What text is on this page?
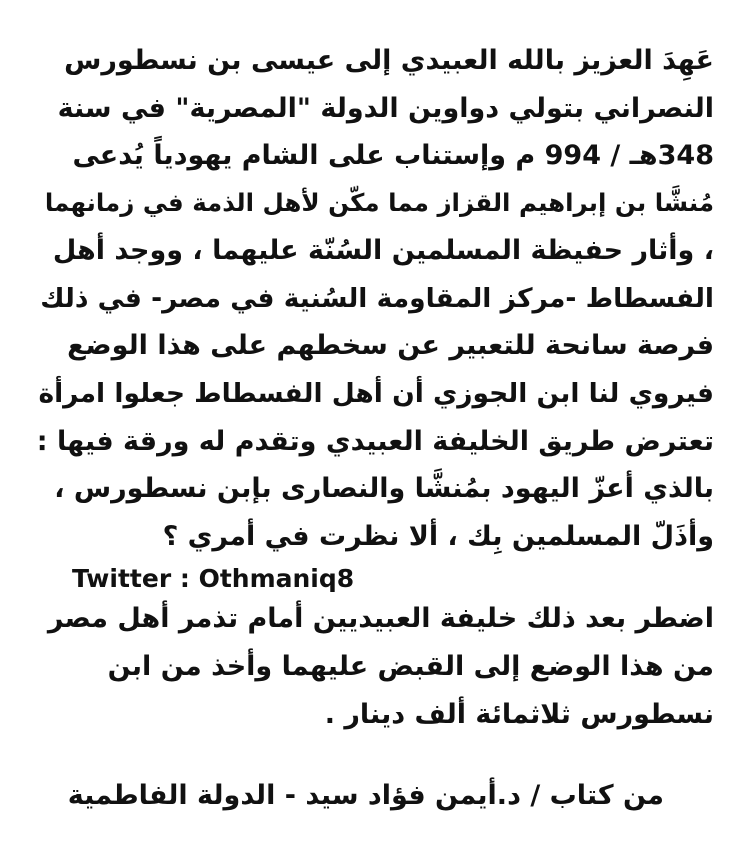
عَهِدَ العزيز بالله العبيدي إلى عيسى بن نسطورس
النصراني بتولي دواوين الدولة "المصرية" في سنة
348هـ / 994 م وإستناب على الشام يهودياً يُدعى
مُنشَّا بن إبراهيم القزاز مما مكّن لأهل الذمة في زمانهما
، وأثار حفيظة المسلمين السُنّة عليهما ، ووجد أهل
الفسطاط -مركز المقاومة السُنية في مصر- في ذلك
فرصة سانحة للتعبير عن سخطهم على هذا الوضع
فيروي لنا ابن الجوزي أن أهل الفسطاط جعلوا امرأة
تعترض طريق الخليفة العبيدي وتقدم له ورقة فيها :
بالذي أعزّ اليهود بمُنشَّا والنصارى بإبن نسطورس ،
وأذَلّ المسلمين بِك ، ألا نظرت في أمري ؟
Twitter : Othmaniq8
اضطر بعد ذلك خليفة العبيديين أمام تذمر أهل مصر
من هذا الوضع إلى القبض عليهما وأخذ من ابن
نسطورس ثلاثمائة ألف دينار .
من كتاب / د.أيمن فؤاد سيد - الدولة الفاطمية
